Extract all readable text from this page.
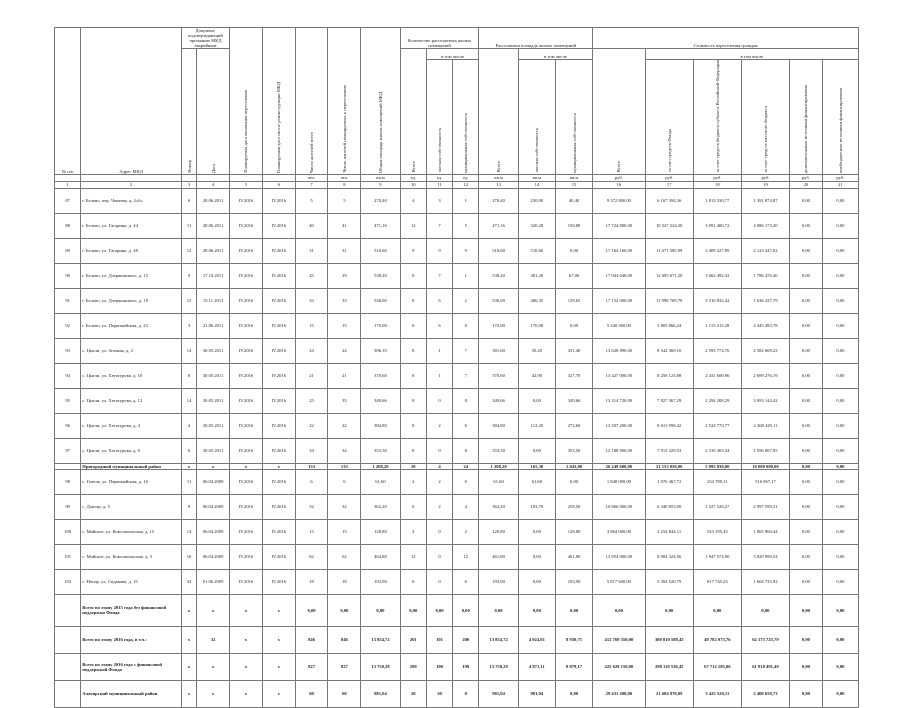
№ п/п	Адрес МКД	Документ, подтверждающий признание МКД аварийным		Планируемая дата окончания переселения	Планируемая дата сноса/ реконструкции МКД	Число жителей всего	Число жителей планируемых к переселению	Общая площадь жилых помещений МКД	Количество расселяемых жилых помещений			Расселяемая площадь жилых помещений			Стоимость переселения граждан					
		Номер	Дата						Всего	в том числе		Всего	в том числе		Всего	в том числе				
										частная собственность	муниципальная собственность		частная собственность	муниципальная собственность		за счет средств Фонда	за счет средств бюджета субъекта Российской Федерации	за счет средств местного бюджета	дополнительные источники финансирования	внебюджетные источники финансирования
						чел.	чел.	кв.м	ед.	ед.	ед.	кв.м	кв.м	кв.м	руб.	руб.	руб.	руб.	руб.	руб.
1	2	3	4	5	6	7	8	9	10	11	12	13	14	15	16	17	18	19	20	21
87	г. Белово, пер. Чапаева, д. 2«б»	6	28.06.2011	IV.2016	IV.2016	5	5	270,40	4	3	1	270,40	230,00	40,40	9 372 800,00	6 167 394,36	1 813 530,77	1 391 874,87	0,00	0,00
88	г. Белово, ул. Гагарина, д. 44	11	28.06.2011	IV.2016	IV.2016	40	41	471,16	12	7	5	471,16	320,28	150,88	17 724 800,00	10 547 224,38	3 091 400,72	4 086 173,20	0,00	0,00
89	г. Белово, ул. Гагарина, д. 48	12	28.06.2011	IV.2016	IV.2016	31	31	510,60	9	9	9	510,60	510,60	0,00	17 164 160,00	11 671 585,99	3 409 227,89	2 123 347,02	0,00	0,00
90	г. Белово, ул. Дзержинского, д. 15	9	17.10.2011	IV.2016	IV.2016	25	29	538,20	8	7	1	538,20	491,20	67,00	17 944 640,00	12 695 671,28	3 662 492,32	1 786 476,40	0,00	0,00
91	г. Белово, ул. Дзержинского, д. 19	15	15.11.2011	IV.2016	IV.2016	33	33	536,00	8	6	2	536,00	406,35	129,65	17 152 000,00	11 998 769,79	3 516 832,42	1 636 437,79	0,00	0,00
92	г. Белово, ул. Первомайская, д. 23	3	21.06.2011	IV.2016	IV.2016	15	15	170,00	6	6	0	170,00	170,00	0,00	5 340 560,00	3 805 866,24	1 115 413,28	4 445 283,78	0,00	0,00
93	с. Цыгли, ул. Зеленая, д. 2	14	30.05.2011	IV.2016	IV.2016	24	24	396,10	8	1	7	381,60	50,20	331,40	13 628 890,00	8 542 369,10	2 593 774,76	2 582 669,23	0,00	0,00
94	с. Цыгли, ул. Хетагурова, д. 10	8	30.05.2011	IV.2016	IV.2016	21	21	370,60	8	1	7	370,60	42,90	327,70	13 427 000,00	8 256 125,88	2 431 600,96	2 699 276,19	0,00	0,00
95	с. Цыгли, ул. Хетагурова, д. 12	14	30.05.2011	IV.2016	IV.2016	25	35	349,66	8	0	8	349,66	0,00	349,66	13 314 720,00	7 827 367,29	2 294 208,29	3 093 144,42	0,00	0,00
96	с. Цыгли, ул. Хетагурова, д. 4	4	30.05.2011	IV.2016	IV.2016	22	22	384,80	8	2	6	384,80	112,20	272,60	13 507 200,00	8 613 999,42	2 524 770,77	2 368 429,11	0,00	0,00
97	с. Цыгли, ул. Хетагурова, д. 6	6	30.05.2011	IV.2016	IV.2016	34	34	353,50	8	0	8	353,50	0,00	353,50	12 188 900,00	7 913 329,53	2 319 403,34	1 956 067,95	0,00	0,00
	Пригородный муниципальный район	х	х	х	х	133	133	1 208,20	28	4	24	1 208,20	165,30	1 043,00	26 249 600,00	21 153 050,00	5 095 830,00	10 000 000,00	0,00	0,00
98	с. Гизель, ул. Первомайская, д. 16	11	06.04.2009	IV.2016	IV.2016	6	6	61,60	2	2	0	61,60	61,60	0,00	1 848 000,00	1 076 467,72	254 789,11	516 967,17	0,00	0,00
99	с. Донгар, д. 5	9	06.04.2009	IV.2016	IV.2016	32	32	362,20	6	2	4	362,20	103,70	258,50	10 866 000,00	6 340 853,00	1 527 526,27	2 997 599,31	0,00	0,00
100	с. Майское, ул. Комсомольская, д. 15	14	06.04.2009	IV.2016	IV.2016	15	15	128,80	2	0	2	128,80	0,00	128,80	3 864 000,00	2 254 844,11	543 195,43	1 065 960,44	0,00	0,00
101	с. Майское, ул. Комсомольская, д. 3	16	06.04.2009	IV.2016	IV.2016	62	62	464,80	12	0	12	461,80	0,00	461,80	13 854 000,00	8 084 324,56	1 947 574,90	3 829 890,54	0,00	0,00
102	с. Ногир, ул. Сидакова, д. 15	34	01.06.2009	IV.2016	IV.2016	18	18	193,90	6	0	6	193,90	0,00	193,90	5 817 600,00	3 394 520,79	817 745,23	1 604 735,92	0,00	0,00
	Всего по этапу 2015 года без финансовой поддержки Фонда	х	х	х	х	0,00	0,00	0,00	0,00	0,00	0,00	0,00	0,00	0,00	0,00	0,00	0,00	0,00	0,00	0,00
	Всего по этапу 2016 года, в т.ч.:	х	32	х	х	846	846	13 854,72	201	101	200	13 854,72	4 924,01	8 930,71	412 769 350,00	300 810 588,45	49 782 073,76	62 175 725,79	0,00	0,00
	Всего по этапу 2016 года с финансовой поддержкой Фонда	х	х	х	х	827	827	13 750,28	299	100	199	13 750,28	4 871,11	8 879,17	425 629 150,00	298 110 530,45	67 712 105,06	61 818 491,49	0,00	0,00
	Алагирский муниципальный район	х	х	х	х	60	60	981,04	20	20	0	981,04	981,04	0,00	29 431 200,00	21 604 970,09	5 425 520,11	2 400 659,73	0,00	0,00
